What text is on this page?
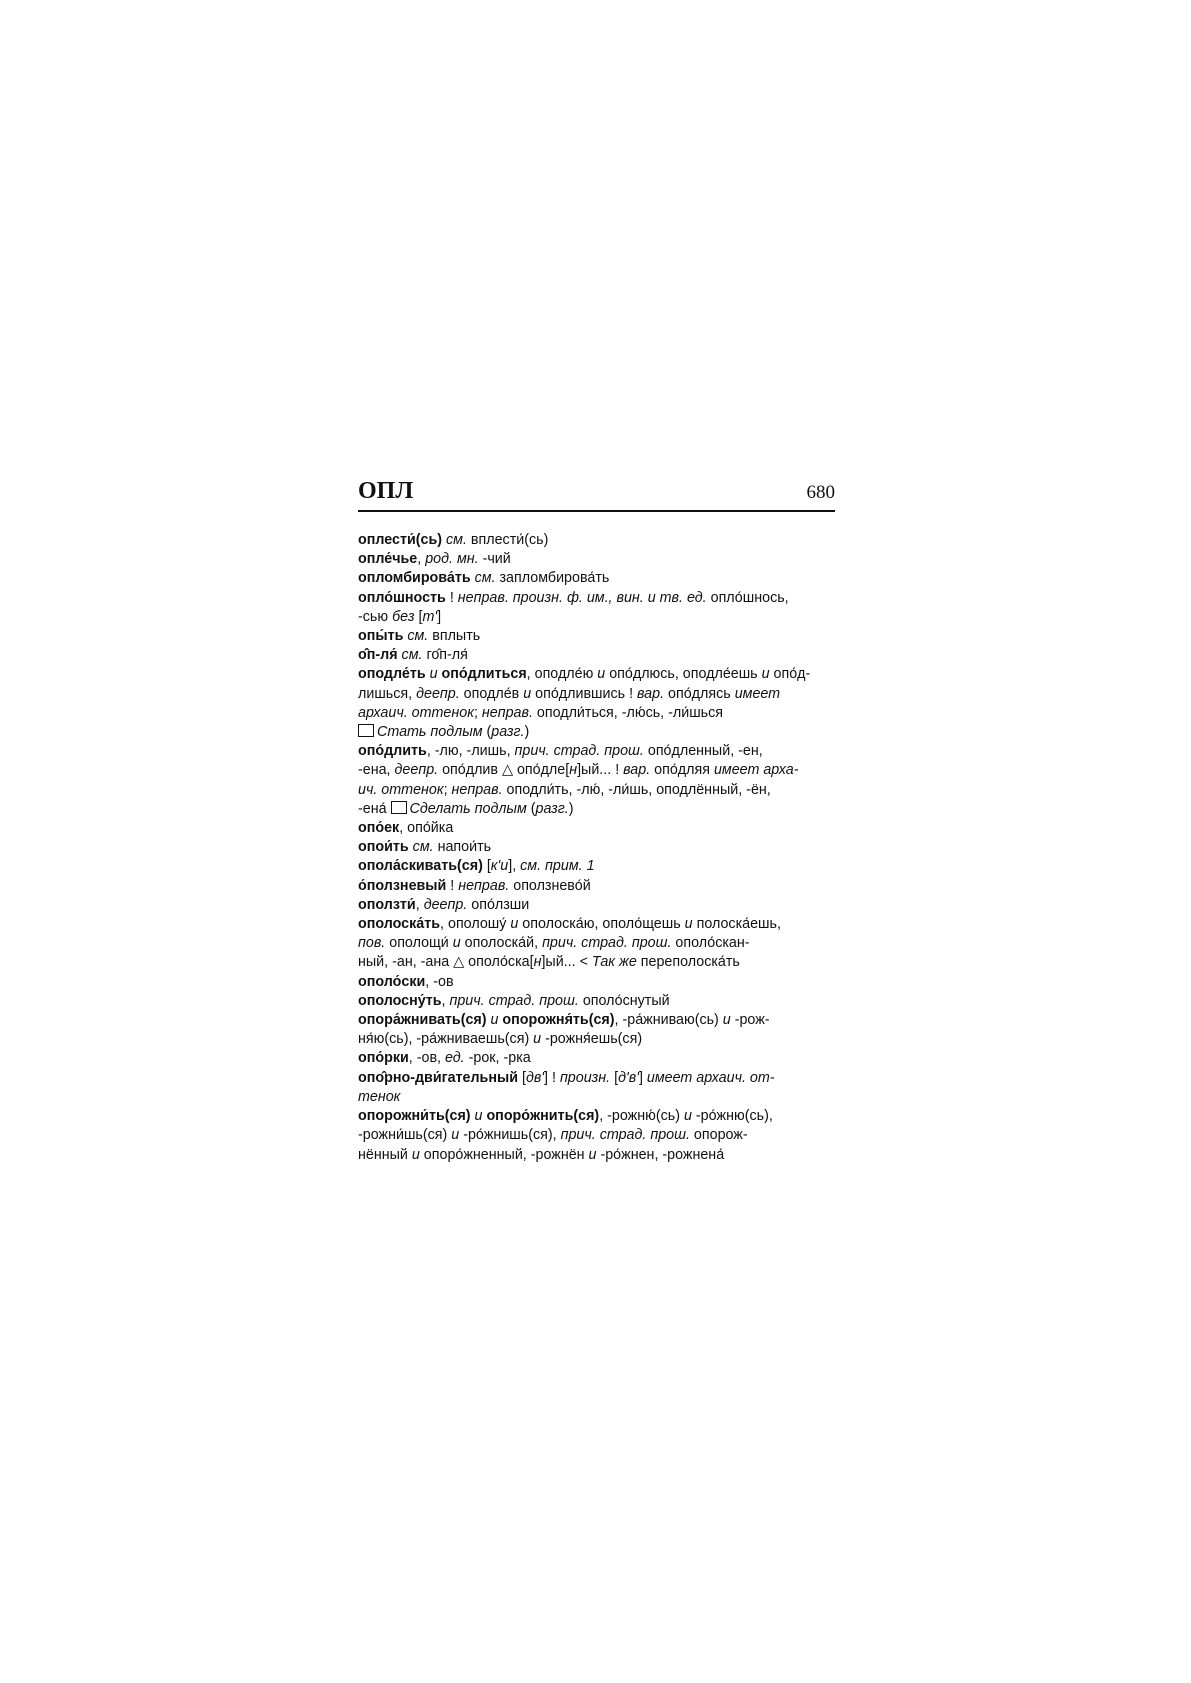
ОПЛ	680
оплести́(сь) см. вплести́(сь)
опле́чье, род. мн. -чий
опломбирова́ть см. запломбирова́ть
опло́шность ! неправ. произн. ф. им., вин. и тв. ед. опло́шнось,
-сью без [т']
опы́ть см. вплыть
о̂п-ля́ см. го̂п-ля́
оподле́ть и опо́длиться, оподле́ю и опо́длюсь, оподле́ешь и опо́д-
лишься, деепр. оподле́в и опо́длившись ! вар. опо́длясь имеет
архаич. оттенок; неправ. оподли́ться, -лю́сь, -ли́шься
Стать подлым (разг.)
опо́длить, -лю, -лишь, прич. страд. прош. опо́дленный, -ен,
-ена, деепр. опо́длив △ опо́дле[н]ый... ! вар. опо́дляя имеет арха-
ич. оттенок; неправ. оподли́ть, -лю́, -ли́шь, оподлённый, -ён,
-ена́ Сделать подлым (разг.)
опо́ек, опо́йка
опои́ть см. напои́ть
опола́скивать(ся) [к'и], см. прим. 1
о́ползневый ! неправ. оползнево́й
оползти́, деепр. опо́лзши
ополоска́ть, ополошу́ и ополоска́ю, ополо́щешь и полоска́ешь,
пов. ополощи́ и ополоска́й, прич. страд. прош. ополо́скан-
ный, -ан, -ана △ ополо́ска[н]ый... < Так же переполоска́ть
ополо́ски, -ов
ополосну́ть, прич. страд. прош. ополо́снутый
опора́жнивать(ся) и опорожня́ть(ся), -ра́жниваю(сь) и -рож-
ня́ю(сь), -ра́жниваешь(ся) и -рожня́ешь(ся)
опо́рки, -ов, ед. -рок, -рка
опо̂рно-дви́гательный [дв'] ! произн. [д'в'] имеет архаич. от-
тенок
опорожни́ть(ся) и опоро́жнить(ся), -рожню́(сь) и -ро́жню(сь),
-рожни́шь(ся) и -ро́жнишь(ся), прич. страд. прош. опорож-
нённый и опоро́жненный, -рожнён и -ро́жнен, -рожнена́
